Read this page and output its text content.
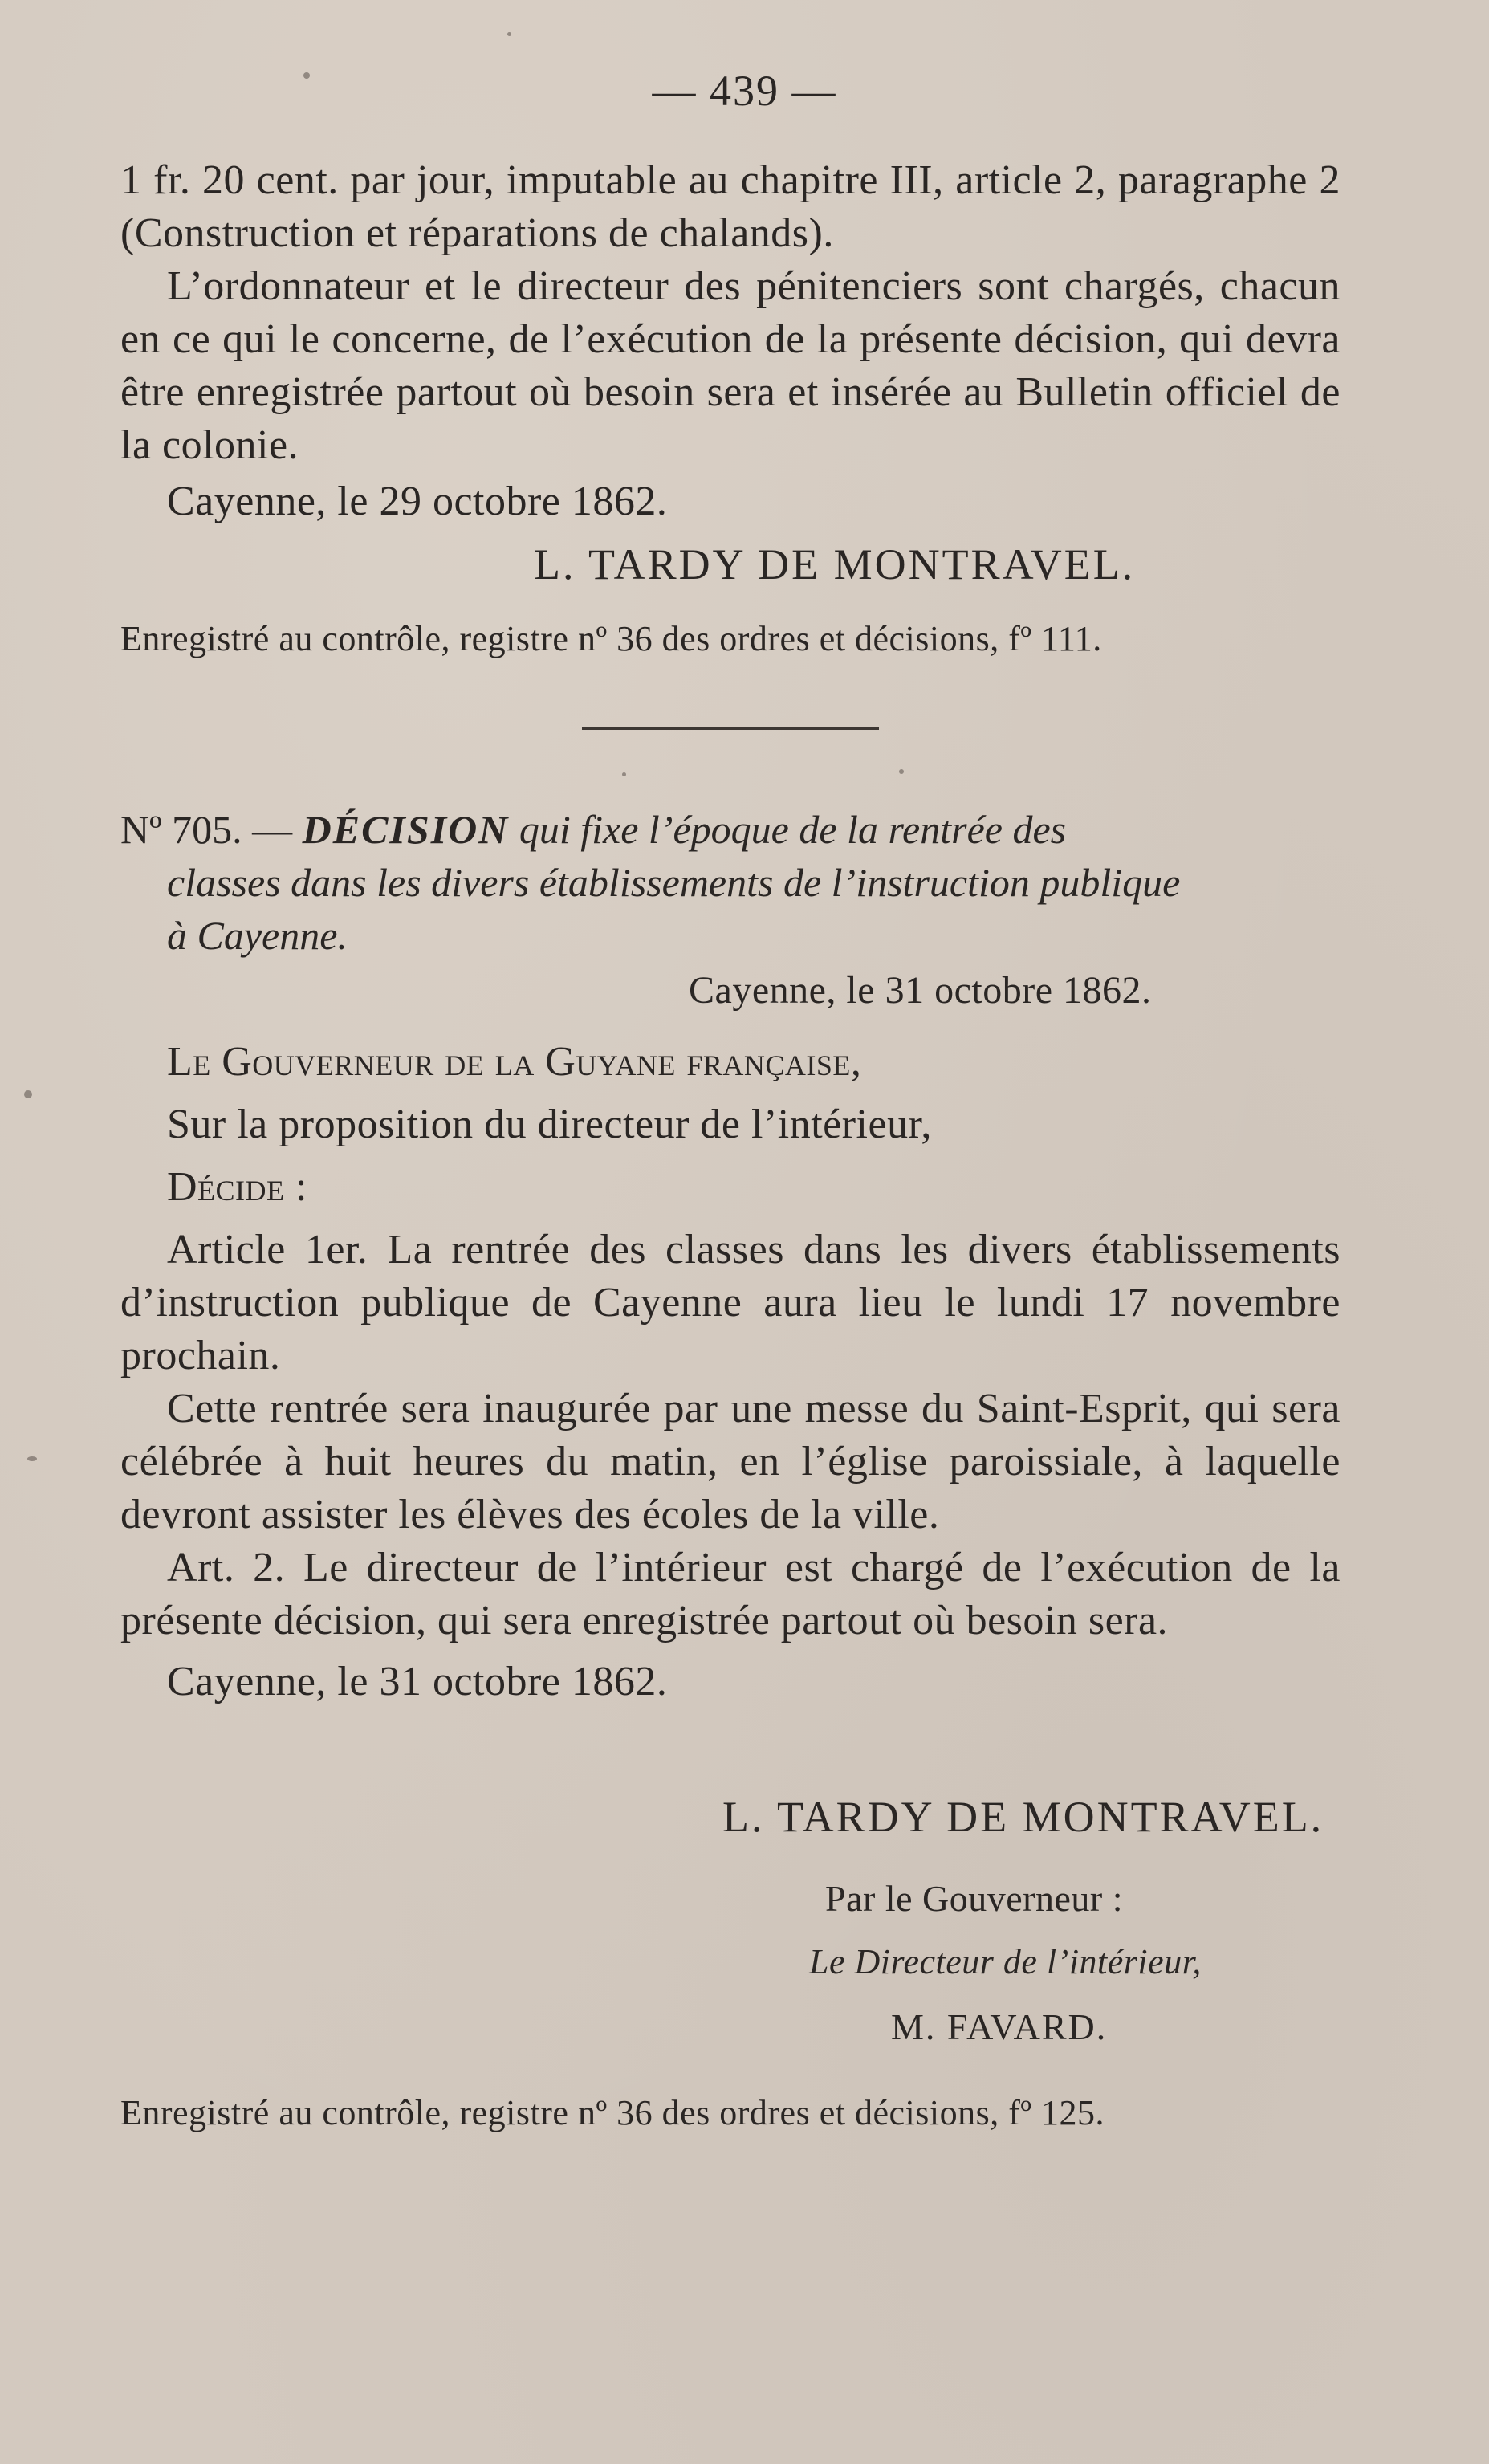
— 439 —

1 fr. 20 cent. par jour, imputable au chapitre III, article 2, paragraphe 2 (Construction et réparations de chalands).

L’ordonnateur et le directeur des pénitenciers sont chargés, chacun en ce qui le concerne, de l’exécution de la présente décision, qui devra être enregistrée partout où besoin sera et insérée au Bulletin officiel de la colonie.

Cayenne, le 29 octobre 1862.

L. TARDY DE MONTRAVEL.
Enregistré au contrôle, registre nº 36 des ordres et décisions, fº 111.
Nº 705. — DÉCISION qui fixe l’époque de la rentrée des
classes dans les divers établissements de l’instruction publique
à Cayenne.
Cayenne, le 31 octobre 1862.

Le Gouverneur de la Guyane française,

Sur la proposition du directeur de l’intérieur,

Décide :

Article 1er. La rentrée des classes dans les divers établissements d’instruction publique de Cayenne aura lieu le lundi 17 novembre prochain.

Cette rentrée sera inaugurée par une messe du Saint-Esprit, qui sera célébrée à huit heures du matin, en l’église paroissiale, à laquelle devront assister les élèves des écoles de la ville.

Art. 2. Le directeur de l’intérieur est chargé de l’exécution de la présente décision, qui sera enregistrée partout où besoin sera.

Cayenne, le 31 octobre 1862.

L. TARDY DE MONTRAVEL.
Par le Gouverneur :
Le Directeur de l’intérieur,
M. FAVARD.
Enregistré au contrôle, registre nº 36 des ordres et décisions, fº 125.
